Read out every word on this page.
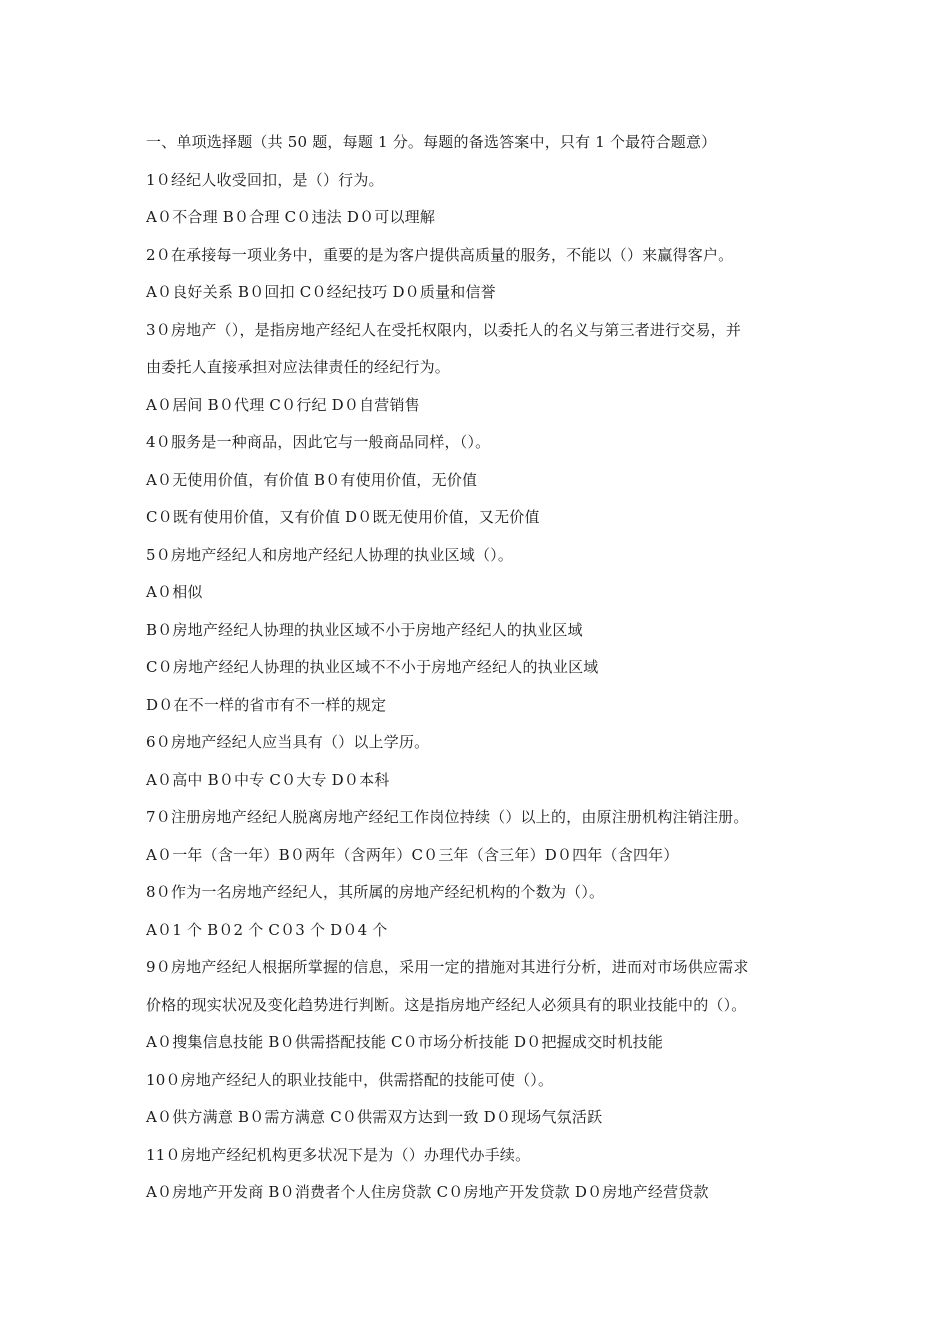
一、单项选择题（共 50 题，每题 1 分。每题的备选答案中，只有 1 个最符合题意）
1０经纪人收受回扣，是（）行为。
A０不合理 B０合理 C０违法 D０可以理解
2０在承接每一项业务中，重要的是为客户提供高质量的服务，不能以（）来赢得客户。
A０良好关系 B０回扣 C０经纪技巧 D０质量和信誉
3０房地产（），是指房地产经纪人在受托权限内，以委托人的名义与第三者进行交易，并
由委托人直接承担对应法律责任的经纪行为。
A０居间 B０代理 C０行纪 D０自营销售
4０服务是一种商品，因此它与一般商品同样，（）。
A０无使用价值，有价值 B０有使用价值，无价值
C０既有使用价值，又有价值 D０既无使用价值，又无价值
5０房地产经纪人和房地产经纪人协理的执业区域（）。
A０相似
B０房地产经纪人协理的执业区域不小于房地产经纪人的执业区域
C０房地产经纪人协理的执业区域不不小于房地产经纪人的执业区域
D０在不一样的省市有不一样的规定
6０房地产经纪人应当具有（）以上学历。
A０高中 B０中专 C０大专 D０本科
7０注册房地产经纪人脱离房地产经纪工作岗位持续（）以上的，由原注册机构注销注册。
A０一年（含一年）B０两年（含两年）C０三年（含三年）D０四年（含四年）
8０作为一名房地产经纪人，其所属的房地产经纪机构的个数为（）。
A０1 个 B０2 个 C０3 个 D０4 个
9０房地产经纪人根据所掌握的信息，采用一定的措施对其进行分析，进而对市场供应需求
价格的现实状况及变化趋势进行判断。这是指房地产经纪人必须具有的职业技能中的（）。
A０搜集信息技能 B０供需搭配技能 C０市场分析技能 D０把握成交时机技能
10０房地产经纪人的职业技能中，供需搭配的技能可使（）。
A０供方满意 B０需方满意 C０供需双方达到一致 D０现场气氛活跃
11０房地产经纪机构更多状况下是为（）办理代办手续。
A０房地产开发商 B０消费者个人住房贷款 C０房地产开发贷款 D０房地产经营贷款
